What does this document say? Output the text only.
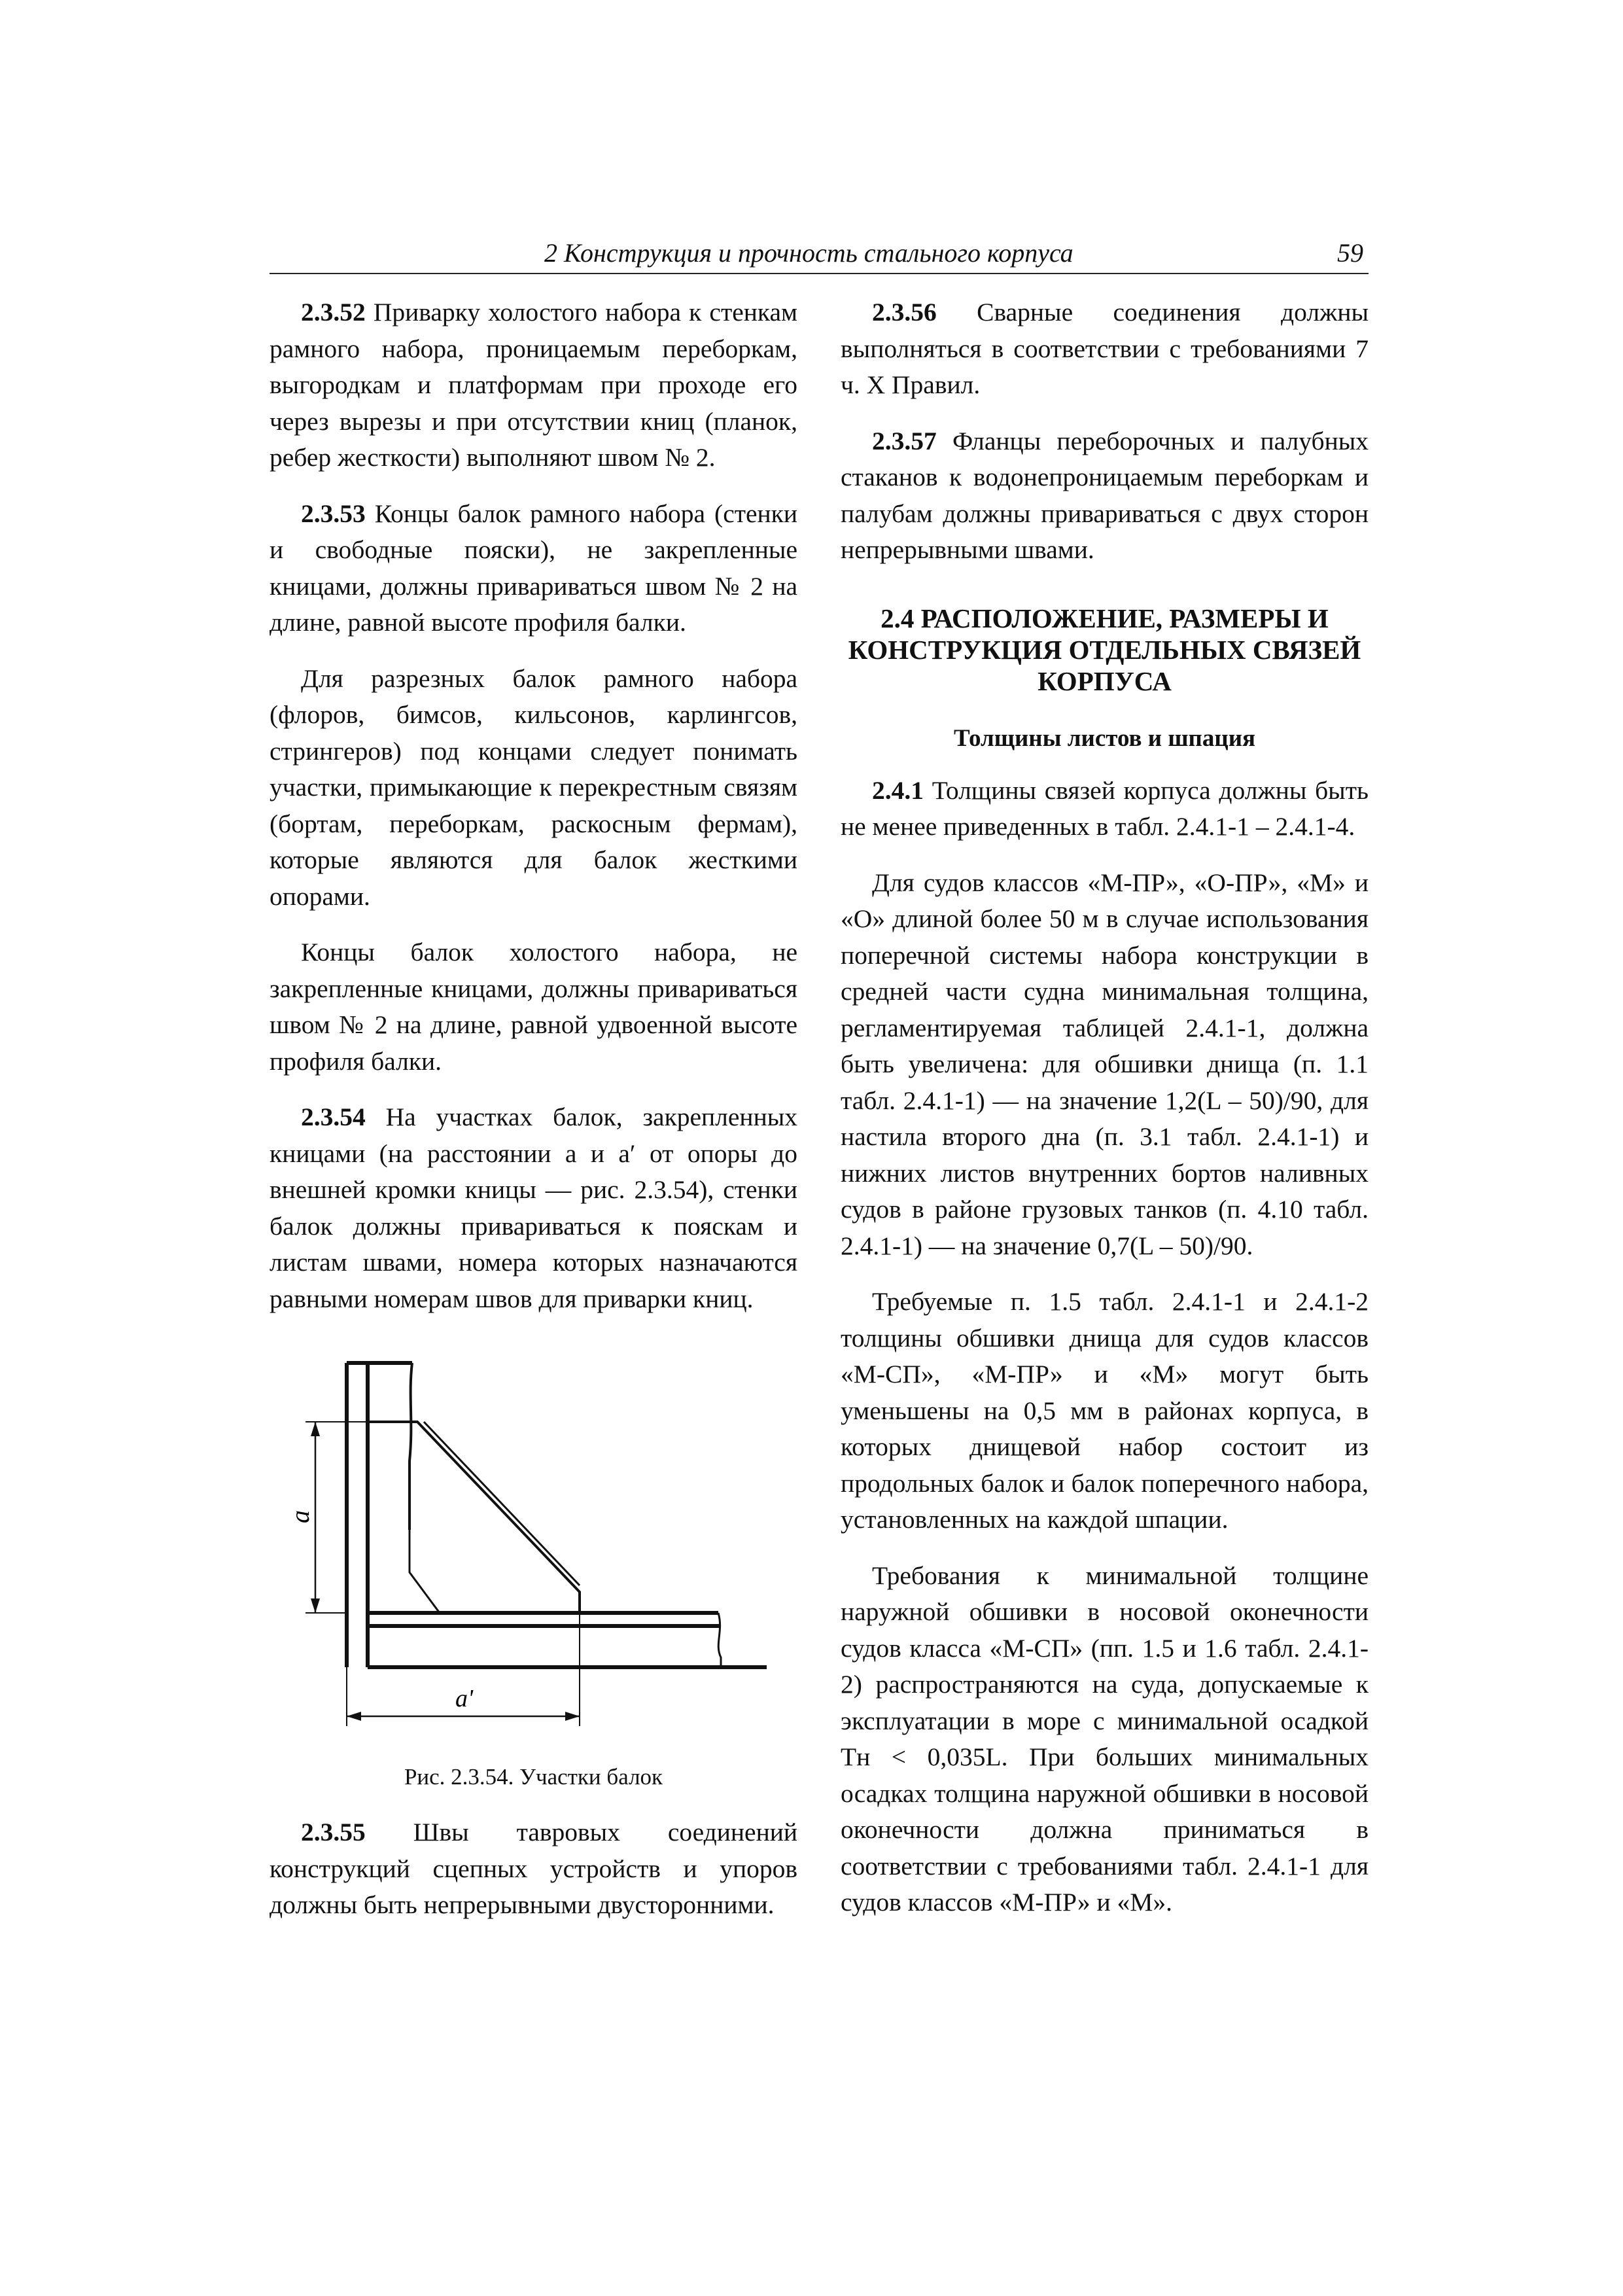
2 Конструкция и прочность стального корпуса	59

2.3.52 Приварку холостого набора к стенкам рамного набора, проницаемым переборкам, выгородкам и платформам при проходе его через вырезы и при отсутствии книц (планок, ребер жесткости) выполняют швом № 2.

2.3.53 Концы балок рамного набора (стенки и свободные пояски), не закрепленные кницами, должны привариваться швом № 2 на длине, равной высоте профиля балки.

Для разрезных балок рамного набора (флоров, бимсов, кильсонов, карлингсов, стрингеров) под концами следует понимать участки, примыкающие к перекрестным связям (бортам, переборкам, раскосным фермам), которые являются для балок жесткими опорами.

Концы балок холостого набора, не закрепленные кницами, должны привариваться швом № 2 на длине, равной удвоенной высоте профиля балки.

2.3.54 На участках балок, закрепленных кницами (на расстоянии a и a′ от опоры до внешней кромки кницы — рис. 2.3.54), стенки балок должны привариваться к пояскам и листам швами, номера которых назначаются равными номерам швов для приварки книц.

a
a'
Рис. 2.3.54. Участки балок

2.3.55 Швы тавровых соединений конструкций сцепных устройств и упоров должны быть непрерывными двусторонними.

2.3.56 Сварные соединения должны выполняться в соответствии с требованиями 7 ч. X Правил.

2.3.57 Фланцы переборочных и палубных стаканов к водонепроницаемым переборкам и палубам должны привариваться с двух сторон непрерывными швами.

2.4 РАСПОЛОЖЕНИЕ, РАЗМЕРЫ И КОНСТРУКЦИЯ ОТДЕЛЬНЫХ СВЯЗЕЙ КОРПУСА
Толщины листов и шпация

2.4.1 Толщины связей корпуса должны быть не менее приведенных в табл. 2.4.1-1 – 2.4.1-4.

Для судов классов «М-ПР», «О-ПР», «М» и «О» длиной более 50 м в случае использования поперечной системы набора конструкции в средней части судна минимальная толщина, регламентируемая таблицей 2.4.1-1, должна быть увеличена: для обшивки днища (п. 1.1 табл. 2.4.1-1) — на значение 1,2(L – 50)/90, для настила второго дна (п. 3.1 табл. 2.4.1-1) и нижних листов внутренних бортов наливных судов в районе грузовых танков (п. 4.10 табл. 2.4.1-1) — на значение 0,7(L – 50)/90.

Требуемые п. 1.5 табл. 2.4.1-1 и 2.4.1-2 толщины обшивки днища для судов классов «М-СП», «М-ПР» и «М» могут быть уменьшены на 0,5 мм в районах корпуса, в которых днищевой набор состоит из продольных балок и балок поперечного набора, установленных на каждой шпации.

Требования к минимальной толщине наружной обшивки в носовой оконечности судов класса «М-СП» (пп. 1.5 и 1.6 табл. 2.4.1-2) распространяются на суда, допускаемые к эксплуатации в море с минимальной осадкой Tн < 0,035L. При больших минимальных осадках толщина наружной обшивки в носовой оконечности должна приниматься в соответствии с требованиями табл. 2.4.1-1 для судов классов «М-ПР» и «М».
